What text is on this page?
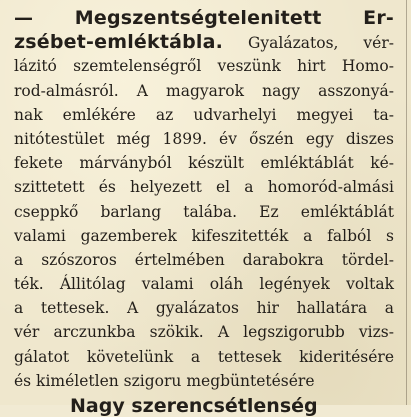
— Megszentségtelenitett Er-
zsébet-emléktábla. Gyalázatos, vér-
lázitó szemtelenségről veszünk hirt Homo-
rod-almásról. A magyarok nagy asszonyá-
nak emlékére az udvarhelyi megyei ta-
nitótestület még 1899. év őszén egy diszes
fekete márványból készült emléktáblát ké-
szittetett és helyezett el a homoród-almási
cseppkő barlang talába. Ez emléktáblát
valami gazemberek kifeszitették a falból s
a szószoros értelmében darabokra tördel-
ték. Állitólag valami oláh legények voltak
a tettesek. A gyalázatos hir hallatára a
vér arczunkba szökik. A legszigorubb vizs-
gálatot követelünk a tettesek kideritésére
és kiméletlen szigoru megbüntetésére
Nagy szerencsétlenség
